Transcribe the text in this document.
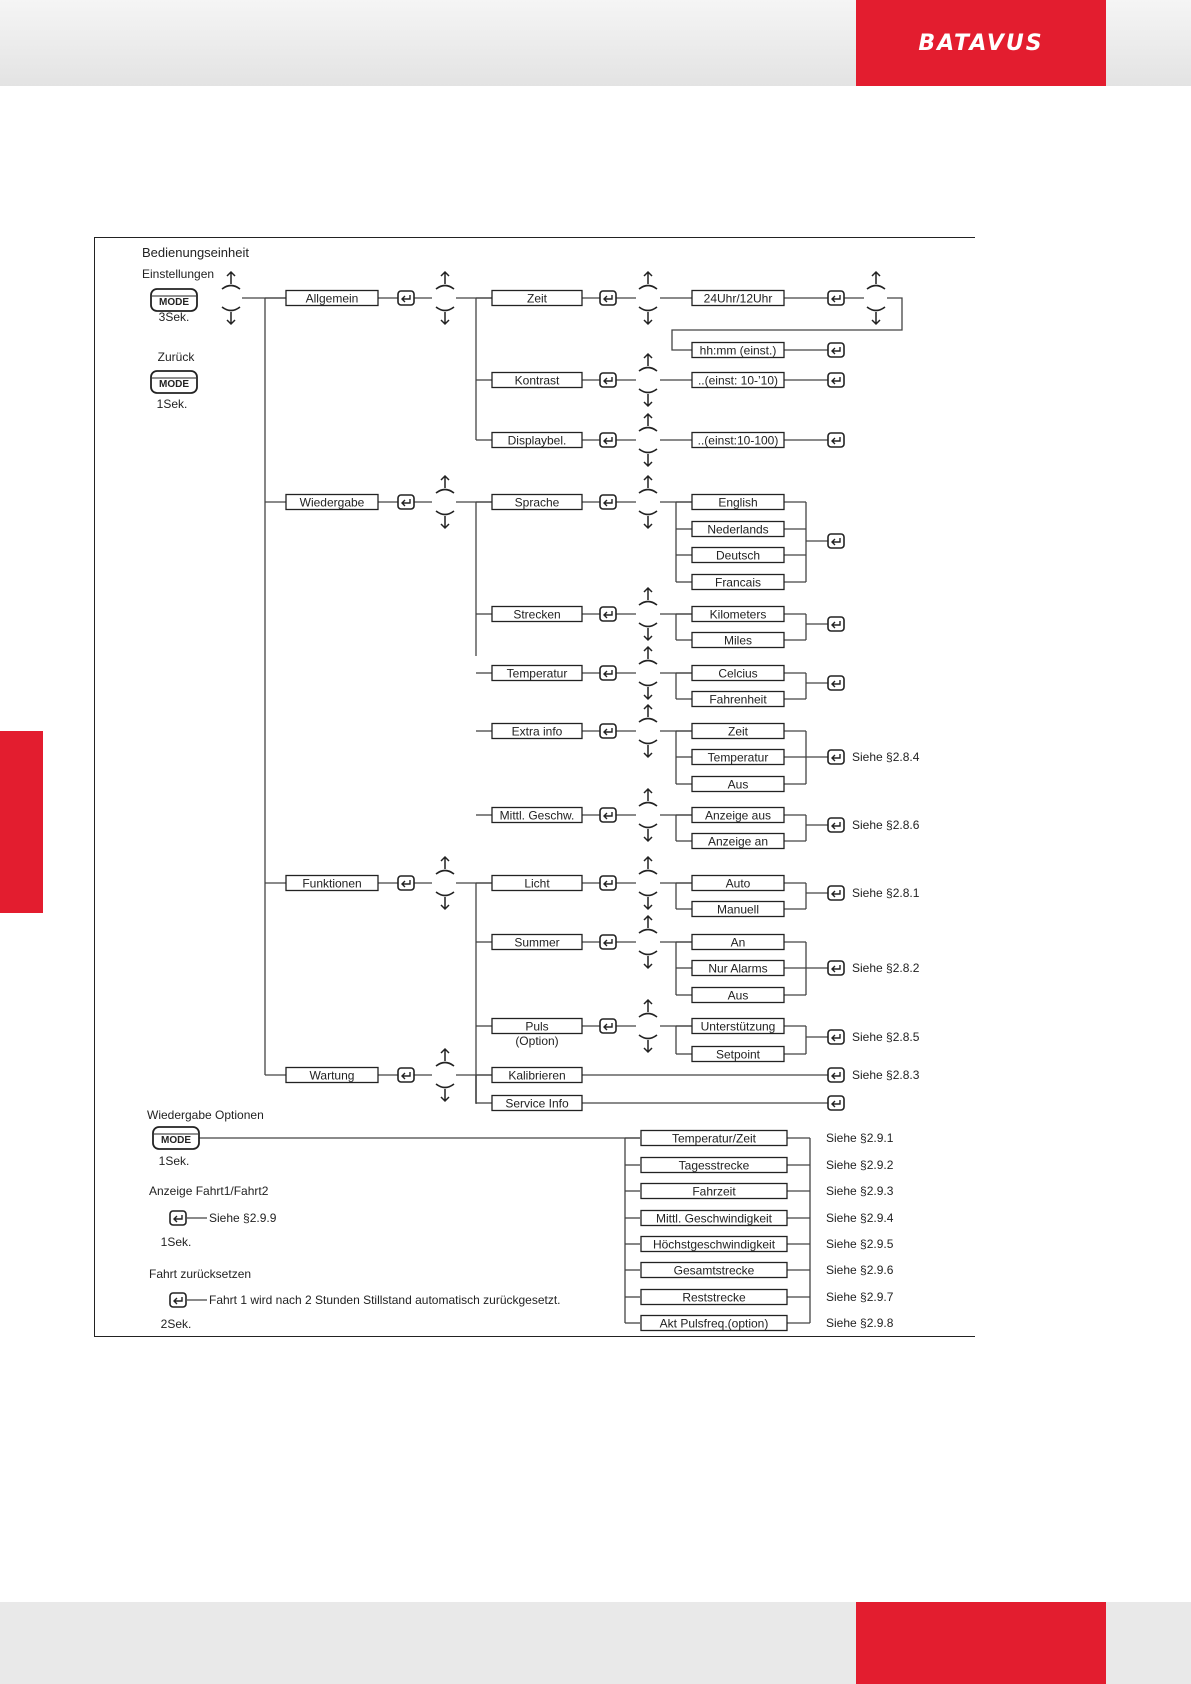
BATAVUS
Bedienungseinheit
Einstellungen
MODE
3Sek.
Zurück
MODE
1Sek.
Allgemein
Wiedergabe
Funktionen
Wartung
Zeit
Kontrast
Displaybel.
Sprache
Strecken
Temperatur
Extra info
Mittl. Geschw.
Licht
Summer
Puls
(Option)
Kalibrieren
Service Info
24Uhr/12Uhr
hh:mm (einst.)
..(einst: 10-’10)
..(einst:10-100)
English
Nederlands
Deutsch
Francais
Kilometers
Miles
Celcius
Fahrenheit
Zeit
Temperatur
Aus
Siehe §2.8.4
Anzeige aus
Anzeige an
Siehe §2.8.6
Auto
Manuell
Siehe §2.8.1
An
Nur Alarms
Aus
Siehe §2.8.2
Unterstützung
Setpoint
Siehe §2.8.5
Siehe §2.8.3
Wiedergabe Optionen
MODE
1Sek.
Temperatur/Zeit	Siehe §2.9.1
Tagesstrecke	Siehe §2.9.2
Fahrzeit	Siehe §2.9.3
Mittl. Geschwindigkeit	Siehe §2.9.4
Höchstgeschwindigkeit	Siehe §2.9.5
Gesamtstrecke	Siehe §2.9.6
Reststrecke	Siehe §2.9.7
Akt Pulsfreq.(option)	Siehe §2.9.8
Anzeige Fahrt1/Fahrt2
Siehe §2.9.9
1Sek.
Fahrt zurücksetzen
Fahrt 1 wird nach 2 Stunden Stillstand automatisch zurückgesetzt.
2Sek.
